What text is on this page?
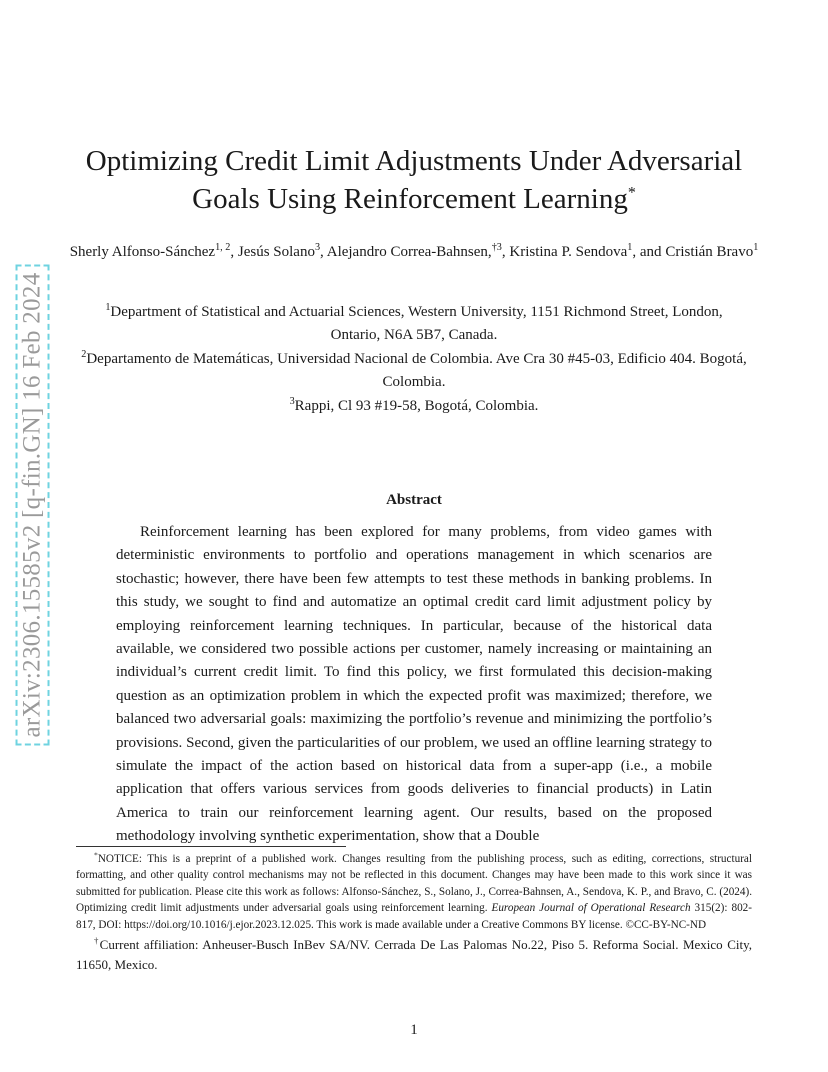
arXiv:2306.15585v2 [q-fin.GN] 16 Feb 2024
Optimizing Credit Limit Adjustments Under Adversarial
Goals Using Reinforcement Learning*
Sherly Alfonso-Sánchez$^{1, 2}$, Jesús Solano$^3$, Alejandro Correa-Bahnsen,$^{\dagger 3}$, Kristina P. Sendova$^1$, and Cristián Bravo$^1$

$^1$Department of Statistical and Actuarial Sciences, Western University, 1151 Richmond Street, London, Ontario, N6A 5B7, Canada.

$^2$Departamento de Matemáticas, Universidad Nacional de Colombia. Ave Cra 30 #45-03, Edificio 404. Bogotá, Colombia.

$^3$Rappi, Cl 93 #19-58, Bogotá, Colombia.

Abstract

Reinforcement learning has been explored for many problems, from video games with deterministic environments to portfolio and operations management in which scenarios are stochastic; however, there have been few attempts to test these methods in banking problems. In this study, we sought to find and automatize an optimal credit card limit adjustment policy by employing reinforcement learning techniques. In particular, because of the historical data available, we considered two possible actions per customer, namely increasing or maintaining an individual’s current credit limit. To find this policy, we first formulated this decision-making question as an optimization problem in which the expected profit was maximized; therefore, we balanced two adversarial goals: maximizing the portfolio’s revenue and minimizing the portfolio’s provisions. Second, given the particularities of our problem, we used an offline learning strategy to simulate the impact of the action based on historical data from a super-app (i.e., a mobile application that offers various services from goods deliveries to financial products) in Latin America to train our reinforcement learning agent. Our results, based on the proposed methodology involving synthetic experimentation, show that a Double

*NOTICE: This is a preprint of a published work. Changes resulting from the publishing process, such as editing, corrections, structural formatting, and other quality control mechanisms may not be reflected in this document. Changes may have been made to this work since it was submitted for publication. Please cite this work as follows: Alfonso-Sánchez, S., Solano, J., Correa-Bahnsen, A., Sendova, K. P., and Bravo, C. (2024). Optimizing credit limit adjustments under adversarial goals using reinforcement learning. European Journal of Operational Research 315(2): 802-817, DOI: https://doi.org/10.1016/j.ejor.2023.12.025. This work is made available under a Creative Commons BY license. ©CC-BY-NC-ND

†Current affiliation: Anheuser-Busch InBev SA/NV. Cerrada De Las Palomas No.22, Piso 5. Reforma Social. Mexico City, 11650, Mexico.

1
